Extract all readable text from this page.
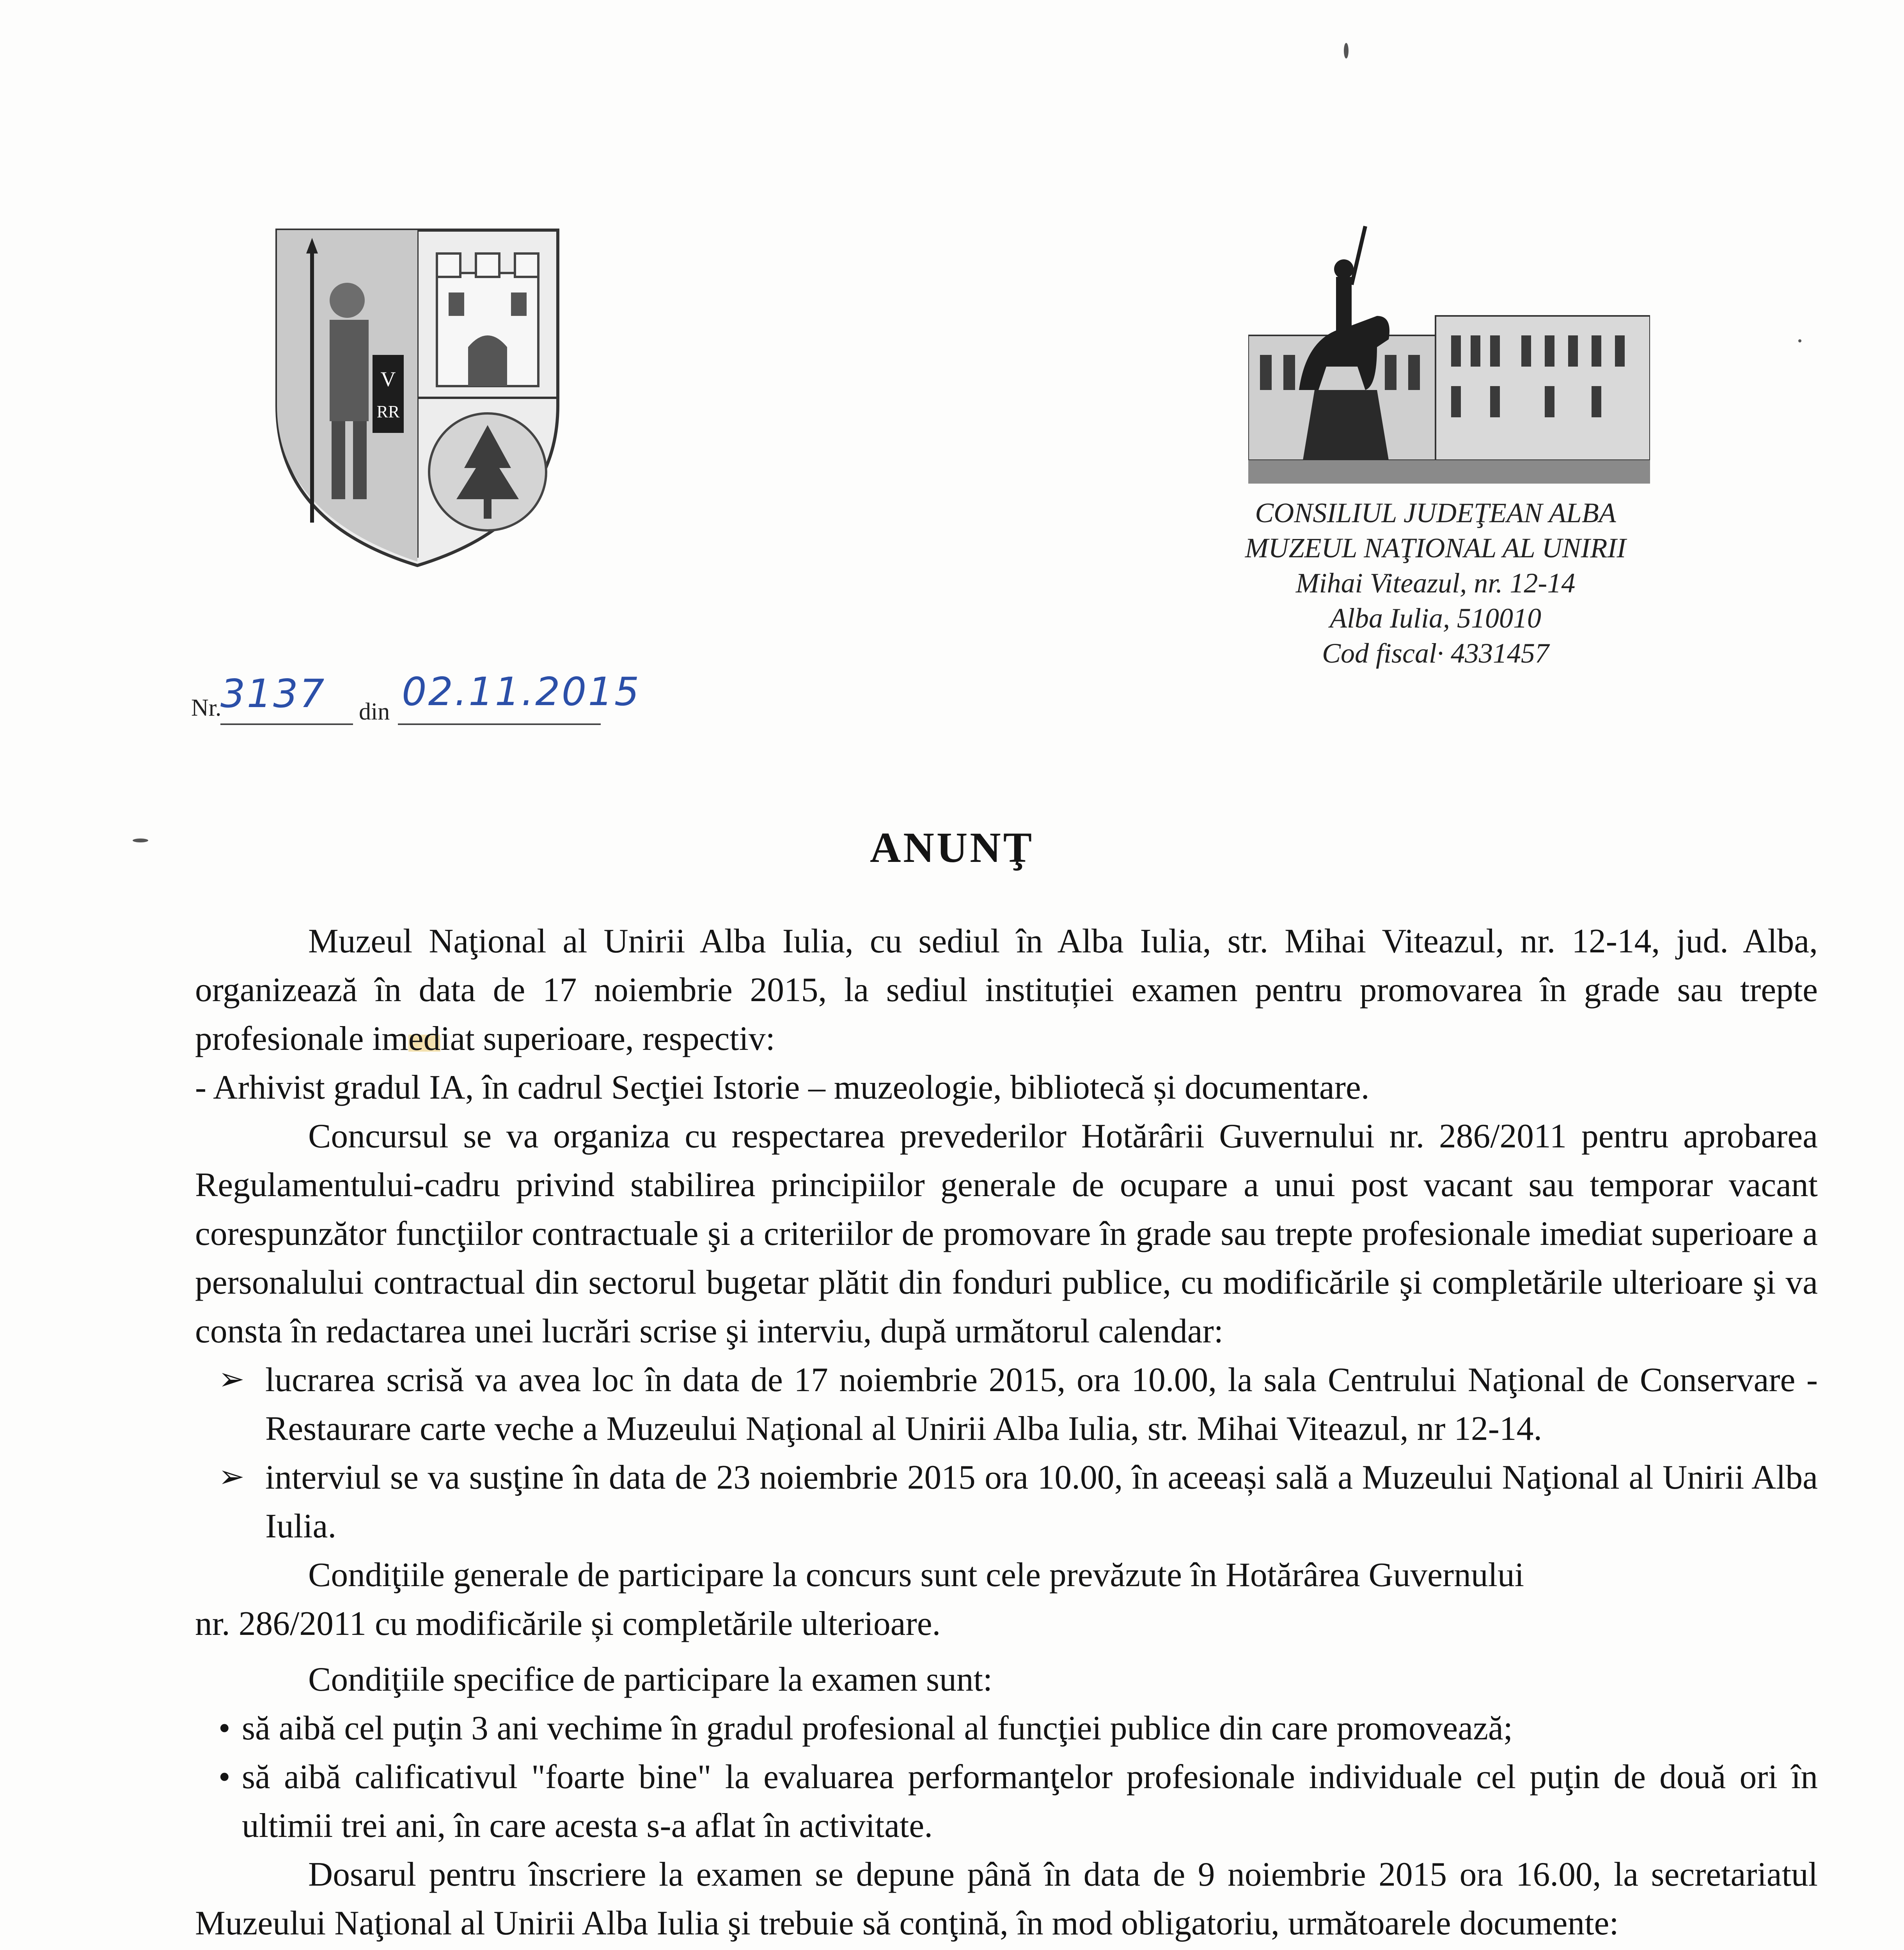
V
RR
CONSILIUL JUDEŢEAN ALBA
MUZEUL NAŢIONAL AL UNIRII
Mihai Viteazul, nr. 12-14
Alba Iulia, 510010
Cod fiscal· 4331457
Nr.
3137 din 02.11.2015
ANUNŢ

Muzeul Naţional al Unirii Alba Iulia, cu sediul în Alba Iulia, str. Mihai Viteazul, nr. 12-14, jud. Alba, organizează în data de 17 noiembrie 2015, la sediul instituției examen pentru promovarea în grade sau trepte profesionale imediat superioare, respectiv:

- Arhivist gradul IA, în cadrul Secţiei Istorie – muzeologie, bibliotecă și documentare.

Concursul se va organiza cu respectarea prevederilor Hotărârii Guvernului nr. 286/2011 pentru aprobarea Regulamentului-cadru privind stabilirea principiilor generale de ocupare a unui post vacant sau temporar vacant corespunzător funcţiilor contractuale şi a criteriilor de promovare în grade sau trepte profesionale imediat superioare a personalului contractual din sectorul bugetar plătit din fonduri publice, cu modificările şi completările ulterioare şi va consta în redactarea unei lucrări scrise şi interviu, după următorul calendar:

➢ lucrarea scrisă va avea loc în data de 17 noiembrie 2015, ora 10.00, la sala Centrului Naţional de Conservare - Restaurare carte veche a Muzeului Naţional al Unirii Alba Iulia, str. Mihai Viteazul, nr 12-14.

➢ interviul se va susţine în data de 23 noiembrie 2015 ora 10.00, în aceeași sală a Muzeului Naţional al Unirii Alba Iulia.

Condiţiile generale de participare la concurs sunt cele prevăzute în Hotărârea Guvernului

nr. 286/2011 cu modificările și completările ulterioare.

Condiţiile specifice de participare la examen sunt:

• să aibă cel puţin 3 ani vechime în gradul profesional al funcţiei publice din care promovează;

• să aibă calificativul "foarte bine" la evaluarea performanţelor profesionale individuale cel puţin de două ori în ultimii trei ani, în care acesta s-a aflat în activitate.

Dosarul pentru înscriere la examen se depune până în data de 9 noiembrie 2015 ora 16.00, la secretariatul Muzeului Naţional al Unirii Alba Iulia şi trebuie să conţină, în mod obligatoriu, următoarele documente:
